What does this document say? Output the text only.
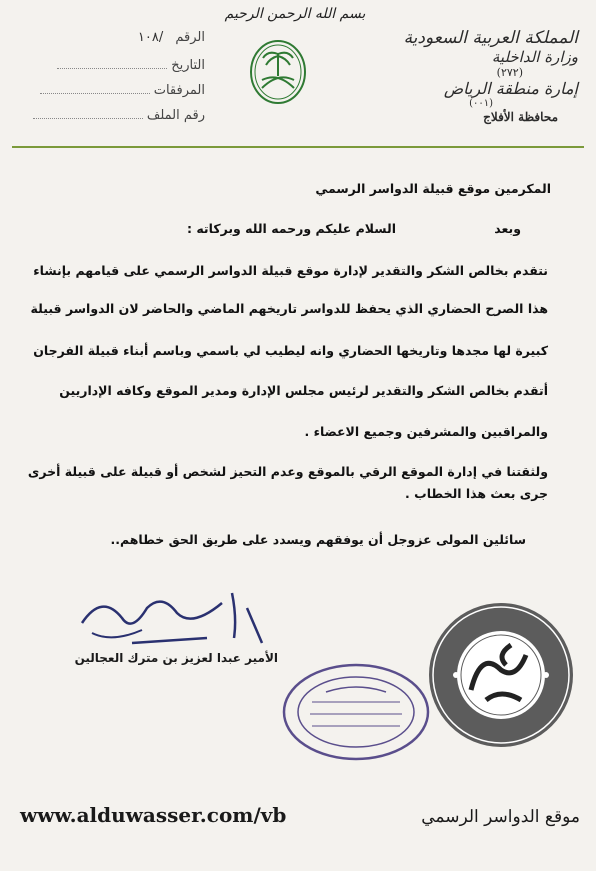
بسم الله الرحمن الرحيم
الرقم /١٠٨
التاريخ
المرفقات
رقم الملف
المملكة العربية السعودية
وزارة الداخلية
(٢٧٢)
إمارة منطقة الرياض
(٠٠١)
محافظة الأفلاج
المكرمين موقع قبيلة الدواسر الرسمي
السلام عليكم ورحمه الله وبركاته :	وبعد
نتقدم بخالص الشكر والتقدير لإدارة موقع قبيلة الدواسر الرسمي على قيامهم بإنشاء
هذا الصرح الحضاري الذي يحفظ للدواسر تاريخهم الماضي والحاضر لان الدواسر قبيلة
كبيرة لها مجدها وتاريخها الحضاري وانه ليطيب لي باسمي وباسم أبناء قبيلة الفرجان
أتقدم بخالص الشكر والتقدير لرئيس مجلس الإدارة ومدير الموقع وكافه الإداريين
والمراقبين والمشرفين وجميع الاعضاء .
ولثقتنا في إدارة الموقع الرقي بالموقع وعدم التحيز لشخص أو قبيلة على قبيلة أخرى
جرى بعث هذا الخطاب .
سائلين المولى عزوجل أن يوفقهم ويسدد على طريق الحق خطاهم..
الأمير عبدا لعزيز بن مترك العجالين
www.alduwasser.com/vb	موقع الدواسر الرسمي
